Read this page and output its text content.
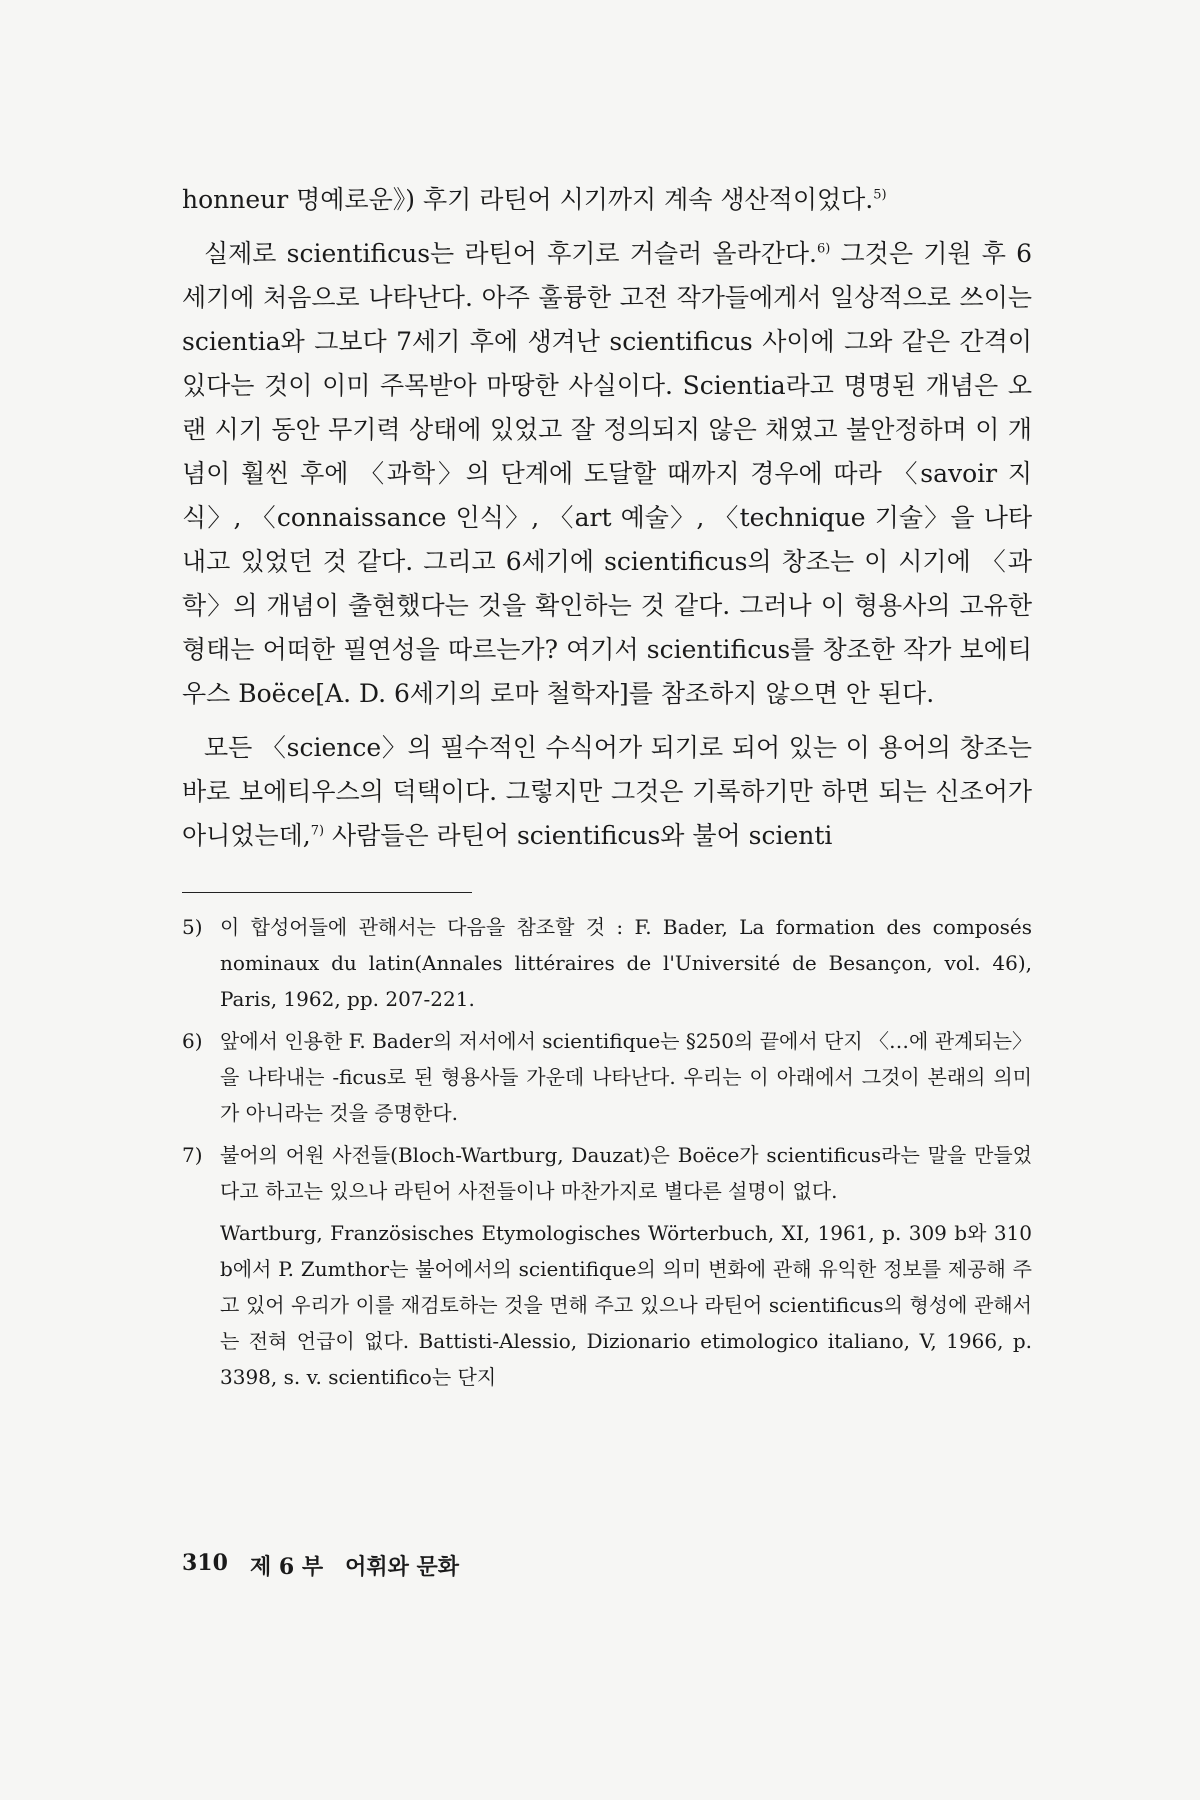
honneur 명예로운》) 후기 라틴어 시기까지 계속 생산적이었다.$^{5)}$

실제로 scientificus는 라틴어 후기로 거슬러 올라간다.$^{6)}$ 그것은 기원 후 6세기에 처음으로 나타난다. 아주 훌륭한 고전 작가들에게서 일상적으로 쓰이는 scientia와 그보다 7세기 후에 생겨난 scientificus 사이에 그와 같은 간격이 있다는 것이 이미 주목받아 마땅한 사실이다. Scientia라고 명명된 개념은 오랜 시기 동안 무기력 상태에 있었고 잘 정의되지 않은 채였고 불안정하며 이 개념이 훨씬 후에 〈과학〉의 단계에 도달할 때까지 경우에 따라 〈savoir 지식〉, 〈connaissance 인식〉, 〈art 예술〉, 〈technique 기술〉을 나타내고 있었던 것 같다. 그리고 6세기에 scientificus의 창조는 이 시기에 〈과학〉의 개념이 출현했다는 것을 확인하는 것 같다. 그러나 이 형용사의 고유한 형태는 어떠한 필연성을 따르는가? 여기서 scientificus를 창조한 작가 보에티우스 Boëce[A. D. 6세기의 로마 철학자]를 참조하지 않으면 안 된다.

모든 〈science〉의 필수적인 수식어가 되기로 되어 있는 이 용어의 창조는 바로 보에티우스의 덕택이다. 그렇지만 그것은 기록하기만 하면 되는 신조어가 아니었는데,$^{7)}$ 사람들은 라틴어 scientificus와 불어 scienti

5) 이 합성어들에 관해서는 다음을 참조할 것 : F. Bader, La formation des composés nominaux du latin(Annales littéraires de l'Université de Besançon, vol. 46), Paris, 1962, pp. 207-221.
6) 앞에서 인용한 F. Bader의 저서에서 scientifique는 §250의 끝에서 단지 〈…에 관계되는〉을 나타내는 -ficus로 된 형용사들 가운데 나타난다. 우리는 이 아래에서 그것이 본래의 의미가 아니라는 것을 증명한다.
7) 불어의 어원 사전들(Bloch-Wartburg, Dauzat)은 Boëce가 scientificus라는 말을 만들었다고 하고는 있으나 라틴어 사전들이나 마찬가지로 별다른 설명이 없다.
Wartburg, Französisches Etymologisches Wörterbuch, XI, 1961, p. 309 b와 310 b에서 P. Zumthor는 불어에서의 scientifique의 의미 변화에 관해 유익한 정보를 제공해 주고 있어 우리가 이를 재검토하는 것을 면해 주고 있으나 라틴어 scientificus의 형성에 관해서는 전혀 언급이 없다. Battisti-Alessio, Dizionario etimologico italiano, V, 1966, p. 3398, s. v. scientifico는 단지
310 제 6 부 어휘와 문화
